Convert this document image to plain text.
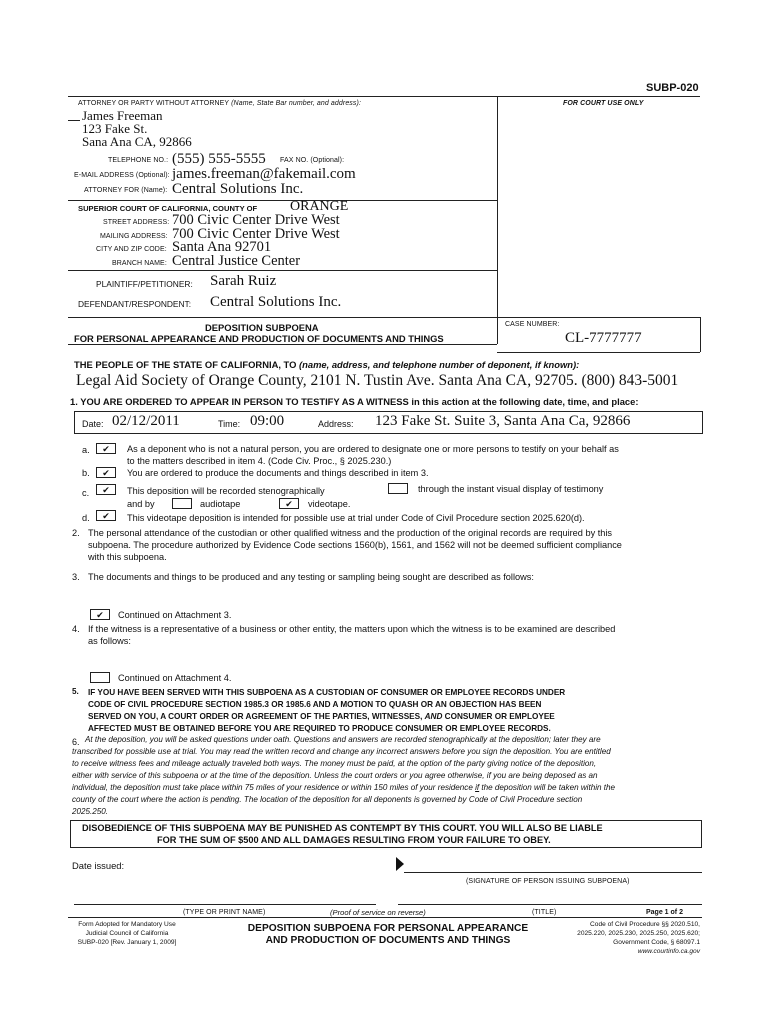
SUBP-020
ATTORNEY OR PARTY WITHOUT ATTORNEY (Name, State Bar number, and address):	FOR COURT USE ONLY
James Freeman
123 Fake St.
Sana Ana CA, 92866
TELEPHONE NO.: (555) 555-5555 FAX NO. (Optional):
E-MAIL ADDRESS (Optional): james.freeman@fakemail.com
ATTORNEY FOR (Name): Central Solutions Inc.
SUPERIOR COURT OF CALIFORNIA, COUNTY OF ORANGE
STREET ADDRESS: 700 Civic Center Drive West
MAILING ADDRESS: 700 Civic Center Drive West
CITY AND ZIP CODE: Santa Ana 92701
BRANCH NAME: Central Justice Center
PLAINTIFF/PETITIONER: Sarah Ruiz
DEFENDANT/RESPONDENT: Central Solutions Inc.
DEPOSITION SUBPOENA
FOR PERSONAL APPEARANCE AND PRODUCTION OF DOCUMENTS AND THINGS
CASE NUMBER:
CL-7777777
THE PEOPLE OF THE STATE OF CALIFORNIA, TO (name, address, and telephone number of deponent, if known):
Legal Aid Society of Orange County, 2101 N. Tustin Ave. Santa Ana CA, 92705. (800) 843-5001
1. YOU ARE ORDERED TO APPEAR IN PERSON TO TESTIFY AS A WITNESS in this action at the following date, time, and place:
Date: 02/12/2011	Time: 09:00	Address: 123 Fake St. Suite 3, Santa Ana Ca, 92866
a.	✔	As a deponent who is not a natural person, you are ordered to designate one or more persons to testify on your behalf as
to the matters described in item 4. (Code Civ. Proc., § 2025.230.)
b.	✔	You are ordered to produce the documents and things described in item 3.
c.	✔	This deposition will be recorded stenographically	through the instant visual display of testimony
and by	audiotape	✔	videotape.
d.	✔	This videotape deposition is intended for possible use at trial under Code of Civil Procedure section 2025.620(d).
2. The personal attendance of the custodian or other qualified witness and the production of the original records are required by this
subpoena. The procedure authorized by Evidence Code sections 1560(b), 1561, and 1562 will not be deemed sufficient compliance
with this subpoena.
3. The documents and things to be produced and any testing or sampling being sought are described as follows:
✔	Continued on Attachment 3.
4. If the witness is a representative of a business or other entity, the matters upon which the witness is to be examined are described
as follows:
Continued on Attachment 4.
5. IF YOU HAVE BEEN SERVED WITH THIS SUBPOENA AS A CUSTODIAN OF CONSUMER OR EMPLOYEE RECORDS UNDER
CODE OF CIVIL PROCEDURE SECTION 1985.3 OR 1985.6 AND A MOTION TO QUASH OR AN OBJECTION HAS BEEN
SERVED ON YOU, A COURT ORDER OR AGREEMENT OF THE PARTIES, WITNESSES, AND CONSUMER OR EMPLOYEE
AFFECTED MUST BE OBTAINED BEFORE YOU ARE REQUIRED TO PRODUCE CONSUMER OR EMPLOYEE RECORDS.
6. At the deposition, you will be asked questions under oath. Questions and answers are recorded stenographically at the deposition; later they are
transcribed for possible use at trial. You may read the written record and change any incorrect answers before you sign the deposition. You are entitled
to receive witness fees and mileage actually traveled both ways. The money must be paid, at the option of the party giving notice of the deposition,
either with service of this subpoena or at the time of the deposition. Unless the court orders or you agree otherwise, if you are being deposed as an
individual, the deposition must take place within 75 miles of your residence or within 150 miles of your residence if the deposition will be taken within the
county of the court where the action is pending. The location of the deposition for all deponents is governed by Code of Civil Procedure section
2025.250.
DISOBEDIENCE OF THIS SUBPOENA MAY BE PUNISHED AS CONTEMPT BY THIS COURT. YOU WILL ALSO BE LIABLE
FOR THE SUM OF $500 AND ALL DAMAGES RESULTING FROM YOUR FAILURE TO OBEY.
Date issued:
(SIGNATURE OF PERSON ISSUING SUBPOENA)
(TYPE OR PRINT NAME)	(Proof of service on reverse)	(TITLE)
Form Adopted for Mandatory Use
Judicial Council of California
SUBP-020 [Rev. January 1, 2009]
DEPOSITION SUBPOENA FOR PERSONAL APPEARANCE
AND PRODUCTION OF DOCUMENTS AND THINGS
Page 1 of 2
Code of Civil Procedure §§ 2020.510,
2025.220, 2025.230, 2025.250, 2025.620;
Government Code, § 68097.1
www.courtinfo.ca.gov
